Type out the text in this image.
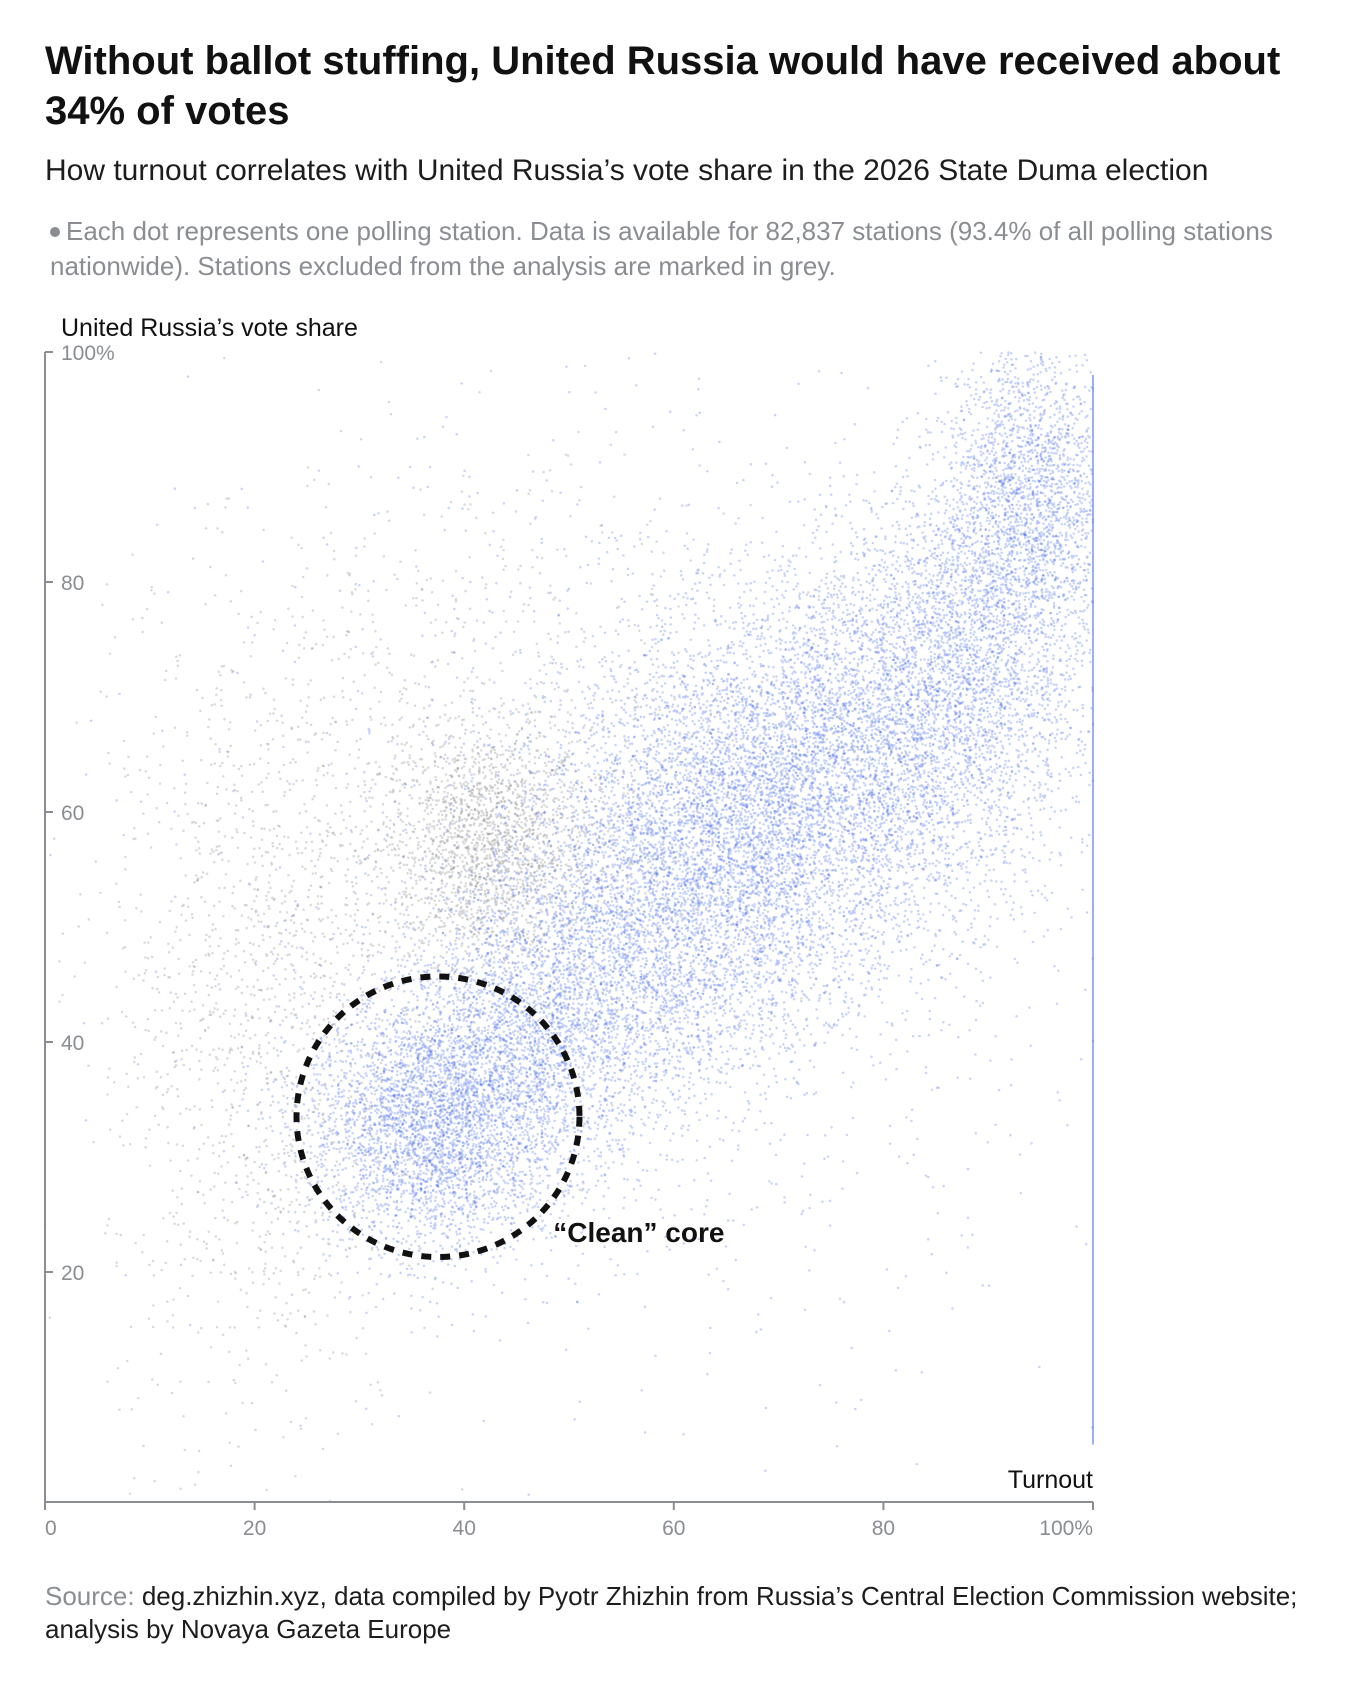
Without ballot stuffing, United Russia would have received about 34% of votes
How turnout correlates with United Russia’s vote share in the 2026 State Duma election
Each dot represents one polling station. Data is available for 82,837 stations (93.4% of all polling stations nationwide). Stations excluded from the analysis are marked in grey.
20
40
60
80
100%
0	20	40	60	80	100%
United Russia’s vote share
Turnout
“Clean” core
Source: deg.zhizhin.xyz, data compiled by Pyotr Zhizhin from Russia’s Central Election Commission website; analysis by Novaya Gazeta Europe
